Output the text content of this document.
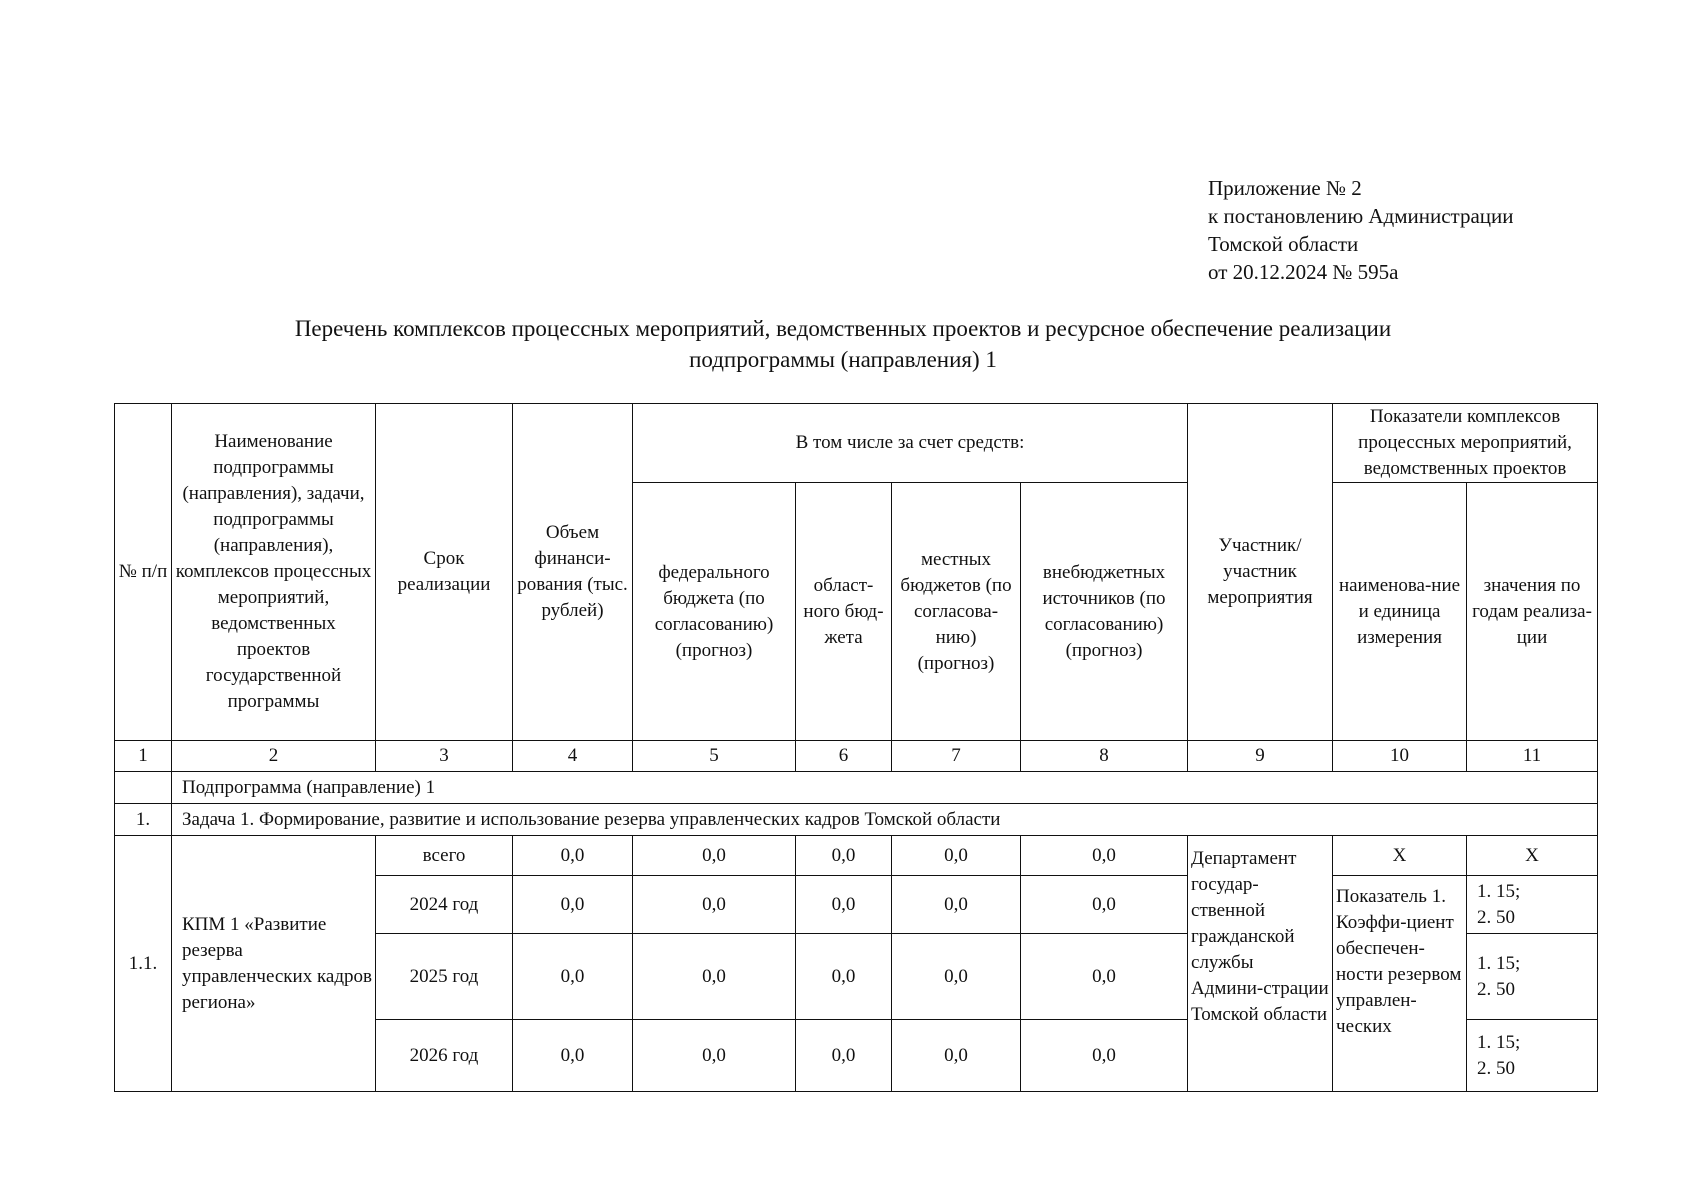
Приложение № 2
к постановлению Администрации
Томской области
от 20.12.2024 № 595а
Перечень комплексов процессных мероприятий, ведомственных проектов и ресурсное обеспечение реализации
подпрограммы (направления) 1
№ п/п	Наименование подпрограммы (направления), задачи, подпрограммы (направления), комплексов процессных мероприятий, ведомственных проектов государственной программы	Срок реализации	Объем финанси-рования (тыс. рублей)	В том числе за счет средств:				Участник/ участник мероприятия	Показатели комплексов процессных мероприятий, ведомственных проектов	
				федерального бюджета (по согласованию) (прогноз)	област-ного бюд-жета	местных бюджетов (по согласова-нию) (прогноз)	внебюджетных источников (по согласованию) (прогноз)		наименова-ние и единица измерения	значения по годам реализа-ции
1	2	3	4	5	6	7	8	9	10	11
	Подпрограмма (направление) 1									
1.	Задача 1. Формирование, развитие и использование резерва управленческих кадров Томской области									
1.1.	КПМ 1 «Развитие резерва управленческих кадров региона»	всего	0,0	0,0	0,0	0,0	0,0	Департамент государ-ственной гражданской службы Админи-страции Томской области	X	X
		2024 год	0,0	0,0	0,0	0,0	0,0		Показатель 1. Коэффи-циент обеспечен-ности резервом управлен-ческих	1. 15;
2. 50
		2025 год	0,0	0,0	0,0	0,0	0,0			1. 15;
2. 50
		2026 год	0,0	0,0	0,0	0,0	0,0			1. 15;
2. 50
